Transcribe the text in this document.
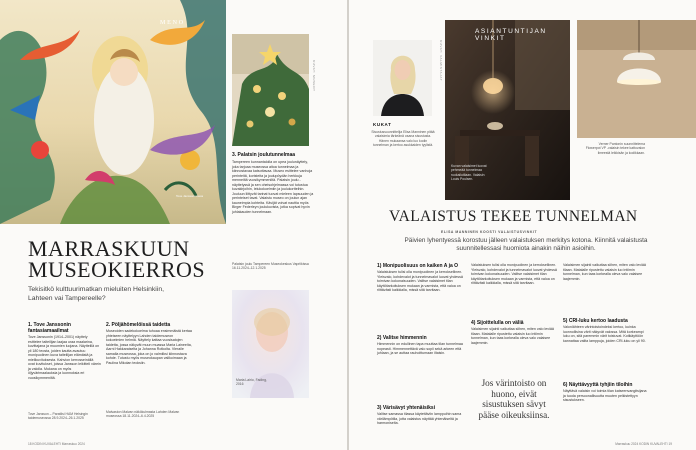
MENO
Tove Janssonin teos
KUVAT: MUSEOT
3. Palatsin joulutunnelmaa
Tampereen kunnantalolla on upea joulunäyttely, joka tarjoaa museossa aitoa tunnelmaa ja kiinnostavaa katsottavaa. Museo esittelee vanhoja perinteitä, koristeita ja joulupöydän herkkuja menneiltä vuosikymmeniltä. Palatsin joulu -näyttelyssä ja sen oheisohjelmassa voi tutustua kuvakirjoihin, lelukokoelmiin ja joulukortteihin. Jouluun liittyvät tarinat tuovat mieleen lapsuuden ja perinteiset tavat. Valaistu museo on joulun ajan kauneimpia kohteita. Kävijät voivat nauttia myös Birger Federleyn joulukuvista, jotka sopivat hyvin juhlakauden tunnelmaan.
Palatsin joulu Tampereen Museokeskus Vapriikissa 16.11.2024–12.1.2025
MARRASKUUN
MUSEOKIERROS
Tekisitkö kulttuurimatkan mieluiten Helsinkiin, Lahteen vai Tampereelle?
Maria Lairio, Fading, 2016
1. Tove Janssonin fantasiamaailmat
Tove Janssonin (1914–2001) näyttely esittelee taiteilijan laajaa uraa maalarina, kuvittajana ja muumien luojana. Näytteillä on yli 180 teosta, joiden kautta avautuu monipuolinen kuva taiteilijan elämästä ja mielikuvituksesta. Kahvion kerrosseinällä ovat kuvitukset, joissa Jansson leikitteli värein ja valolla. Mukana on myös öljyvärimaalauksia ja luonnoksia eri vuosikymmeniltä.
Tove Jansson – Paratiisi HAM Helsingin taidemuseossa 28.9.2024–26.1.2025
2. Pöljähömelöissä taidetta
Museoiden sadekokoelma tuhoaa ensimmäistä kertaa yhteiseen näyttelyyn Lahden taidemuseon kokoelmien helmiä. Näyttely kattaa vuosisatojen taidetta, jossa näkyvät muun muassa Maria Laineelta, Aarni Hakkaraiselta ja Johanna Rotkolta. Vieraile samalla museossa, joka on jo valmiiksi kiinnostava kohde. Tutustu myös museokaupan valikoimaan ja Paulina Mikolan teoksiin.
Malvaston Malvan näkökulmasta Lahden Malvan museossa 18.11.2024–6.4.2025
18 KODIN KUVALEHTI Marraskuu 2024
KUKAT
Sisustussuunnittelija Elisa Manninen pitää valaisimia tärkeänä osana sisustusta. Hänen mukaansa valo luo kodin tunnelman ja kertoo asukkaiden tyylistä.
KUVAT: VALMISTAJAT
ASIANTUNTIJAN VINKIT
Kuvan valaisimet luovat pehmeää tunnelmaa ruokailutilaan. Valaisin Louis Poulsen.
Verner Pantonin suunnittelema Flowerpot VP -valaisin tekee kattovalon ilmeestä leikkisän ja kodikkaan.
VALAISTUS TEKEE TUNNELMAN
ELISA MANNINEN KOOSTI VALAISTUSVINKIT
Päivien lyhentyessä korostuu jälleen valaistuksen merkitys kotona. Kiinnitä valaistusta suunnitellessasi huomiota ainakin näihin asioihin.
1) Monipuolisuus on kaiken A ja O
Valaistuksen tulisi olla monipuolinen ja kerroksellinen. Yleisvalo, kohdevalot ja tunnelmavalot luovat yhdessä toimivan kokonaisuuden. Valitse valaisimet tilan käyttötarkoituksen mukaan ja varmista, että valoa on riittävästi kaikkialla, missä sitä tarvitaan.
2) Valitse himmennin
Himmennin on edullinen tapa muuttaa tilan tunnelmaa nopeasti. Himmennettävä valo sopii sekä arkeen että juhlaan, ja se auttaa rauhoittumaan iltaisin.
3) Värisävyt yhtenäisiksi
Valitse samassa tilassa käytettäviin lamppuihin sama värilämpötila, jotta valaistus näyttää yhtenäiseltä ja harmoniselta.
Valaistuksen tulisi olla monipuolinen ja kerroksellinen. Yleisvalo, kohdevalot ja tunnelmavalot luovat yhdessä toimivan kokonaisuuden. Valitse valaisimet tilan käyttötarkoituksen mukaan ja varmista, että valoa on riittävästi kaikkialla, missä sitä tarvitaan.
4) Sijoittelulla on väliä
Valaisimen sijainti vaikuttaa siihen, miten valo leviää tilaan. Matalalle ripustettu valaisin luo intiimin tunnelman, kun taas korkealla oleva valo valaisee laajemmin.
Jos värintoisto on huono, eivät sisustuksen sävyt pääse oikeuksiinsa.
Valaisimen sijainti vaikuttaa siihen, miten valo leviää tilaan. Matalalle ripustettu valaisin luo intiimin tunnelman, kun taas korkealla oleva valo valaisee laajemmin.
5) CRI-luku kertoo laadusta
Valonlähteen värintoistoindeksi kertoo, kuinka luonnollisina värit näkyvät valossa. Mitä korkeampi luku on, sitä paremmin värit toistuvat. Kotikäyttöön kannattaa valita lamppuja, joiden CRI-luku on yli 90.
6) Näyttävyyttä tyhjiin tiloihin
Näyttävä valaisin voi toimia tilan katseenvangitsijana ja tuoda persoonallisuutta muuten pelkistettyyn sisustukseen.
Marraskuu 2024 KODIN KUVALEHTI 19
